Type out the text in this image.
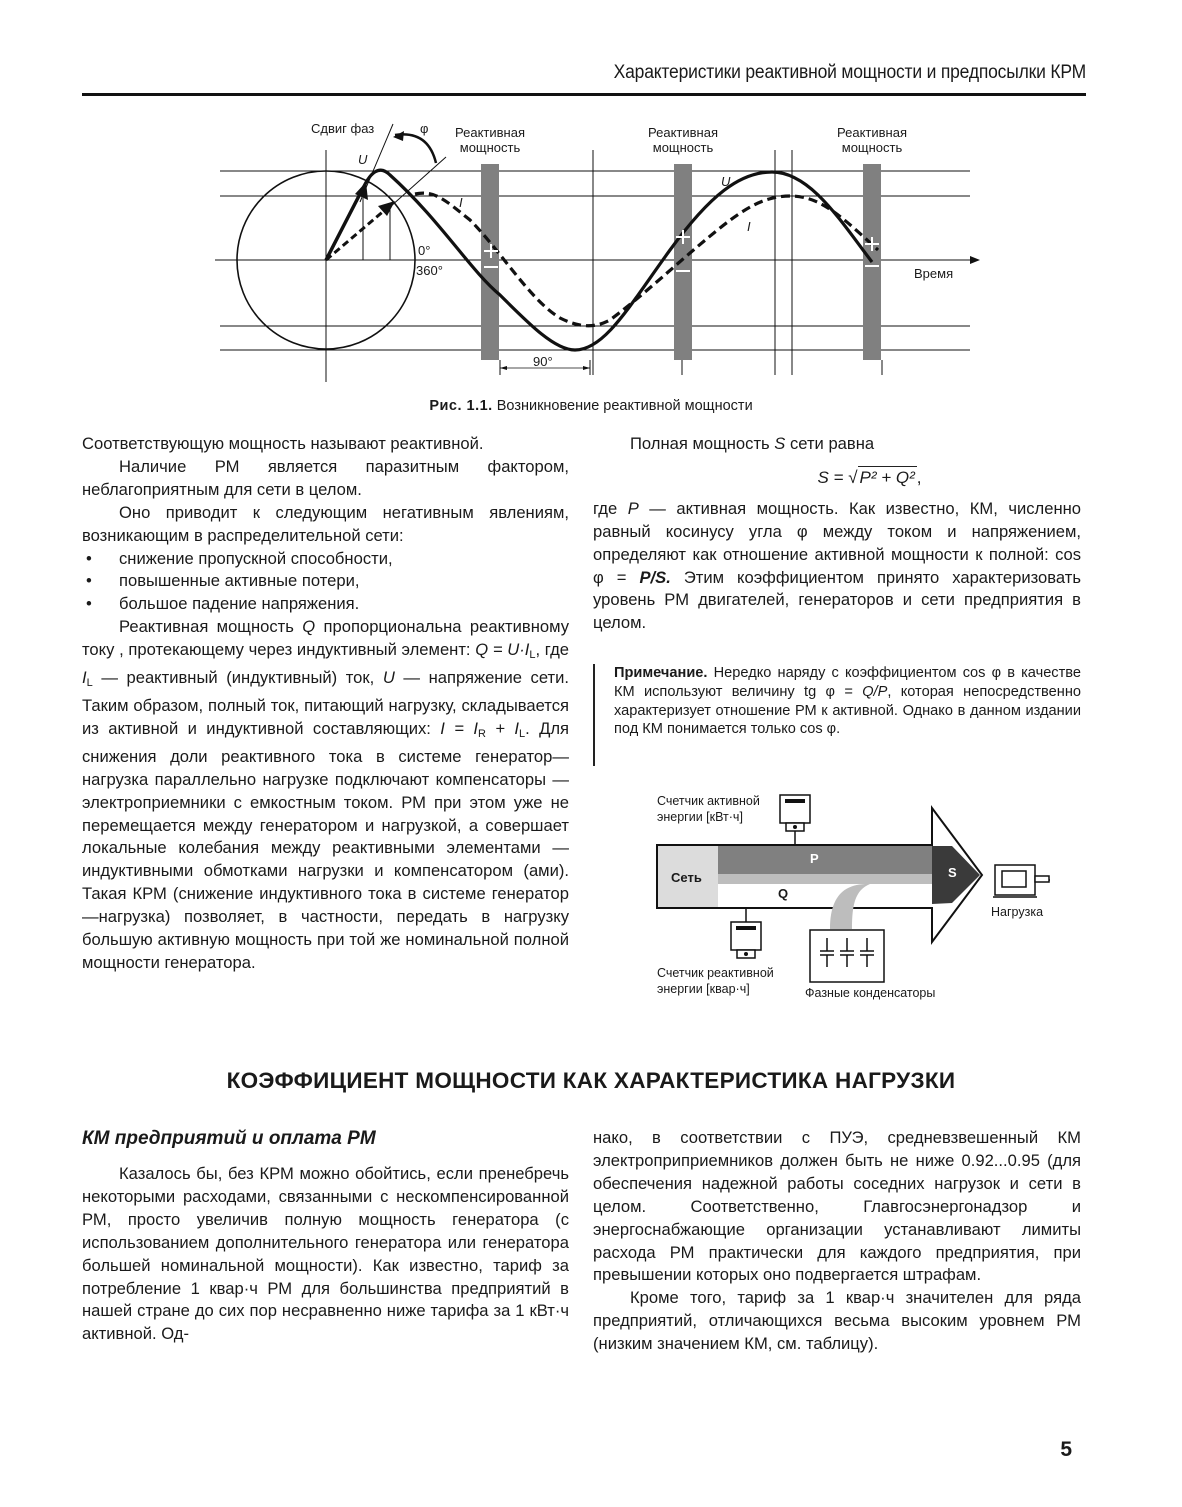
Характеристики реактивной мощности и предпосылки КРМ
Сдвиг фаз	φ
U
I
U
I
0°
360°
90°
Время
Реактивная
мощность
Реактивная
мощность
Реактивная
мощность
Рис. 1.1. Возникновение реактивной мощности

Соответствующую мощность называют реактивной.

Наличие РМ является паразитным фактором, неблагоприятным для сети в целом.

Оно приводит к следующим негативным явлениям, возникающим в распределительной сети:

• снижение пропускной способности,
• повышенные активные потери,
• большое падение напряжения.

Реактивная мощность Q пропорциональна реактивному току , протекающему через индуктивный элемент: $Q = U\cdot I_L$, где $I_L$ — реактивный (индуктивный) ток, U — напряжение сети. Таким образом, полный ток, питающий нагрузку, складывается из активной и индуктивной составляющих: $I = I_R + I_L$. Для снижения доли реактивного тока в системе генератор—нагрузка параллельно нагрузке подключают компенсаторы — электроприемники с емкостным током. РМ при этом уже не перемещается между генератором и нагрузкой, а совершает локальные колебания между реактивными элементами — индуктивными обмотками нагрузки и компенсатором (ами). Такая КРМ (снижение индуктивного тока в системе генератор—нагрузка) позволяет, в частности, передать в нагрузку большую активную мощность при той же номинальной полной мощности генератора.

Полная мощность S сети равна

S = √ P² + Q² ,

где P — активная мощность. Как известно, КМ, численно равный косинусу угла φ между током и напряжением, определяют как отношение активной мощности к полной: cos φ = P/S. Этим коэффициентом принято характеризовать уровень РМ двигателей, генераторов и сети предприятия в целом.

Примечание. Нередко наряду с коэффициентом cos φ в качестве КМ используют величину tg φ = Q/P, которая непосредственно характеризует отношение РМ к активной. Однако в данном издании под КМ понимается только cos φ.
Счетчик активной
энергии [кВт·ч]
Счетчик реактивной
энергии [квар·ч]
Сеть
P
Q
S
Нагрузка
Фазные конденсаторы
КОЭФФИЦИЕНТ МОЩНОСТИ КАК ХАРАКТЕРИСТИКА НАГРУЗКИ
КМ предприятий и оплата РМ

Казалось бы, без КРМ можно обойтись, если пренебречь некоторыми расходами, связанными с нескомпенсированной РМ, просто увеличив полную мощность генератора (с использованием дополнительного генератора или генератора большей номинальной мощности). Как известно, тариф за потребление 1 квар·ч РМ для большинства предприятий в нашей стране до сих пор несравненно ниже тарифа за 1 кВт·ч активной. Од-

нако, в соответствии с ПУЭ, средневзвешенный КМ электроприприемников должен быть не ниже 0.92...0.95 (для обеспечения надежной работы соседних нагрузок и сети в целом. Соответственно, Главгосэнергонадзор и энергоснабжающие организации устанавливают лимиты расхода РМ практически для каждого предприятия, при превышении которых оно подвергается штрафам.

Кроме того, тариф за 1 квар·ч значителен для ряда предприятий, отличающихся весьма высоким уровнем РМ (низким значением КМ, см. таблицу).

5
